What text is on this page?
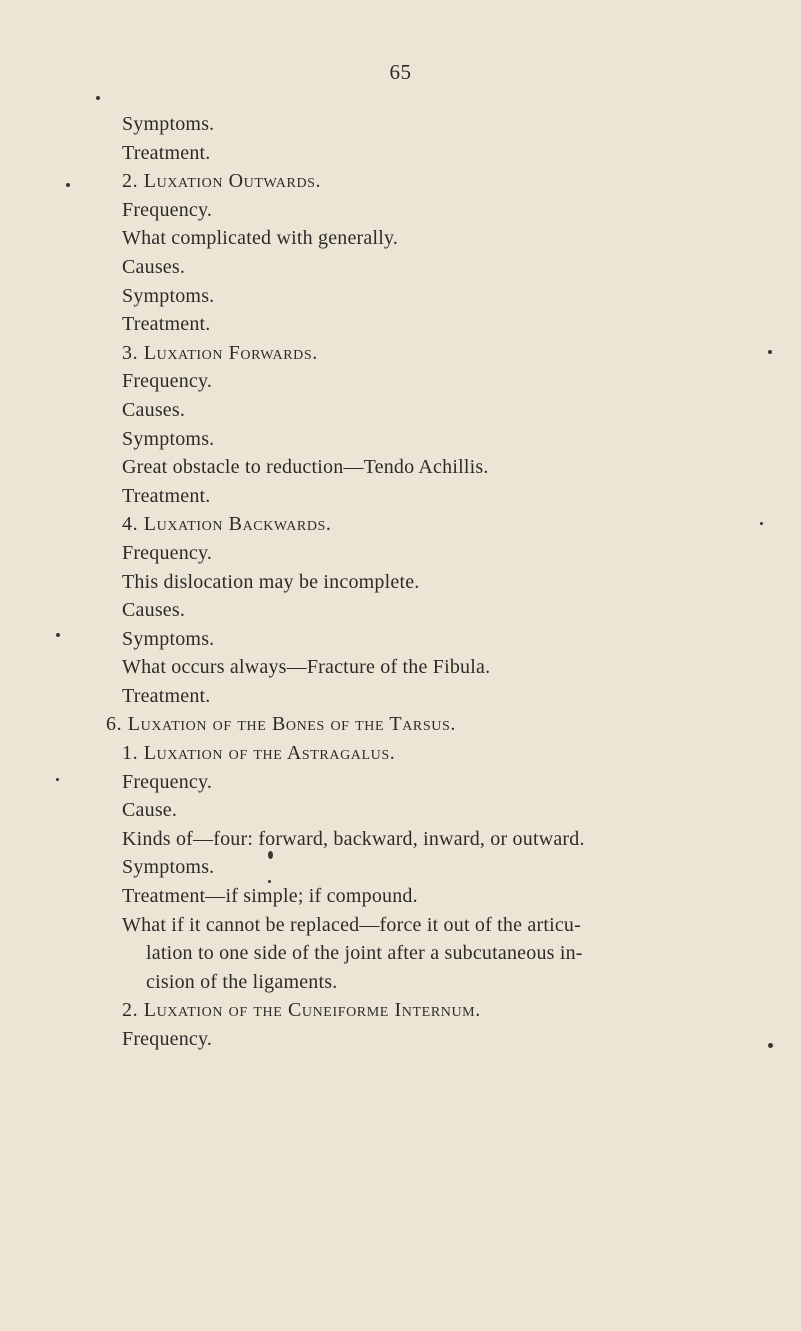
65
Symptoms.
Treatment.
2. Luxation Outwards.
Frequency.
What complicated with generally.
Causes.
Symptoms.
Treatment.
3. Luxation Forwards.
Frequency.
Causes.
Symptoms.
Great obstacle to reduction—Tendo Achillis.
Treatment.
4. Luxation Backwards.
Frequency.
This dislocation may be incomplete.
Causes.
Symptoms.
What occurs always—Fracture of the Fibula.
Treatment.
6. Luxation of the Bones of the Tarsus.
1. Luxation of the Astragalus.
Frequency.
Cause.
Kinds of—four: forward, backward, inward, or outward.
Symptoms.
Treatment—if simple; if compound.
What if it cannot be replaced—force it out of the articu-
lation to one side of the joint after a subcutaneous in-
cision of the ligaments.
2. Luxation of the Cuneiforme Internum.
Frequency.
